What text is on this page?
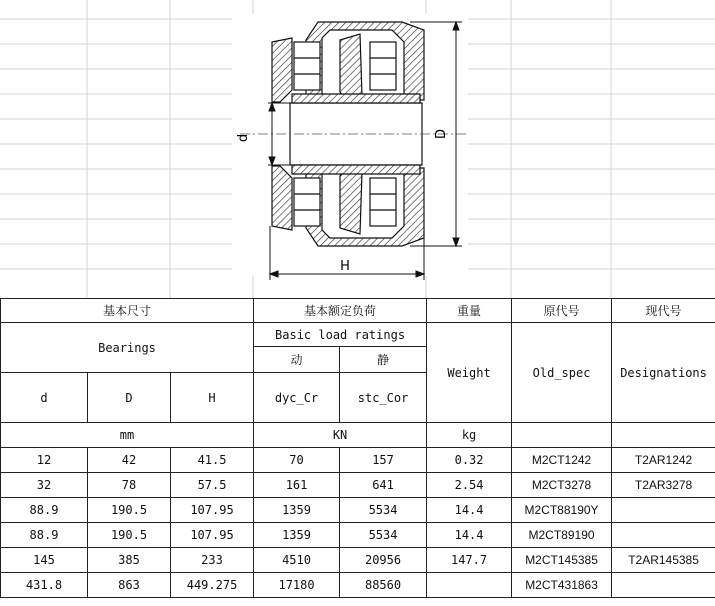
d	D
H
基本尺寸			基本额定负荷		重量	原代号	现代号
Bearings			Basic load ratings		Weight	Old_spec	Designations
			动	静			
d	D	H	dyc_Cr	stc_Cor			
mm			KN		kg		
12	42	41.5	70	157	0.32	M2CT1242	T2AR1242
32	78	57.5	161	641	2.54	M2CT3278	T2AR3278
88.9	190.5	107.95	1359	5534	14.4	M2CT88190Y	
88.9	190.5	107.95	1359	5534	14.4	M2CT89190	
145	385	233	4510	20956	147.7	M2CT145385	T2AR145385
431.8	863	449.275	17180	88560		M2CT431863	
